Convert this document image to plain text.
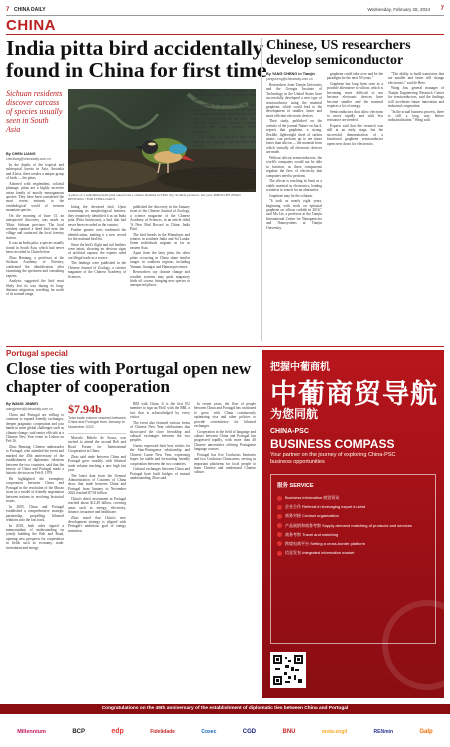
7 CHINA DAILY	Wednesday, February 28, 2024 7
CHINA
India pitta bird accidentally found in China for first time
Sichuan residents discover carcass of species usually seen in South Asia
By CHEN LIANG
chenliang@chinadaily.com.cn

In the depths of the tropical and subtropical forests in Asia, Australia and Africa, there resides a unique group of birds — the pittas.

Adorned with resplendent, colorful plumage, pittas are a highly secretive avian family of mostly monogamous species. They have been considered the most recent entrants to the ornithological world of western mountain species.

On the morning of June 13, an unexpected discovery was made in Yibin, Sichuan province. The local resident spotted a dead bird near the village and contacted the local forestry station.

It was an India pitta, a species usually found in South Asia, which had never been recorded in China before.

Zhao Rentang, a professor at the Sichuan Academy of Forestry, confirmed the identification after examining the specimen and consulting experts.

Analysis suggested the bird most likely lost its way during its long-distance migration, traveling far north of its normal range.

A photo of a sunbathing India pitta taken from a camera installed in Yibin city, Sichuan province, last year. PHOTO BY ZHAO RENTANG / FOR CHINA DAILY

biting the deceased bird. Upon examining its morphological features, they tentatively identified it as an India pitta (Pitta brachyura), a bird that had never been recorded in the country.

Further genetic tests confirmed the identification, making it a new record for the national bird list.

Since the bird's flight and tail feathers were intact, showing no obvious signs of artificial capture, the experts ruled out illegal trade as a source.

The findings were published in the Chinese Journal of Zoology, a science magazine of the Chinese Academy of Sciences.

published the discovery in the January issue of the Chinese Journal of Zoology, a science magazine of the Chinese Academy of Sciences, in an article titled 'A New Bird Record in China: India Pitta'.

The bird breeds in the Himalayas and winters in southern India and Sri Lanka. Some individuals migrate as far as eastern Asia.

Apart from the fairy pitta, the other pittas occurring in China share similar ranges in southern regions, including Yunnan, Guangxi and Hainan provinces.

Researchers say climate change and weather systems may push migratory birds off course, bringing new species to unexpected places.

island. "It further emphasizes the unexpected nature of the discovery," Liao said.

According to the researcher, the India pitta is mainly distributed on the Indian subcontinent, ranging from Pakistan in the west to Bangladesh in the east. The distance between its nearest recorded location and Yibin exceeds 1,800 kilometers.

"The origins of this bird have truly piqued our curiosity," said professor and expert.

Liao said that similar instances include the records of two lost birds, which arrived in Tibet in 2017.

While reasonable speculations may be made, the researchers said the true cause remains unknown, calling for further observation and monitoring.

Chinese, US researchers develop semiconductor
By YANG CHENG in Tianjin
yangcheng@chinadaily.com.cn

Researchers from Tianjin University and the Georgia Institute of Technology in the United States have successfully developed a new type of semiconductor using the material graphene, which could lead to the development of smaller, faster and more efficient electronic devices.

Their study, published on the website of the journal Nature on Jan 4, reports that graphene, a strong, flexible, lightweight sheet of carbon atoms, can perform up to ten times faster than silicon — the material from which virtually all electronic devices are made.

Without silicon semiconductors, the world's computers would not be able to function, as these components regulate the flow of electricity that computers need to perform.

The silicon is reaching its limit as a viable material in electronics, leading scientists to search for an alternative.

Graphene may be the solution.

"It took us nearly eight years, beginning with work on epitaxial graphene on silicon carbide in 2016," said Ma Lei, a professor at the Tianjin International Center for Nanoparticles and Nanosystems at Tianjin University.

graphene could take over and be the paradigm for the next 50 years."

Graphene has long been seen as a possible alternative to silicon, which is becoming more difficult to use because electronic devices have become smaller and the material requires a lot of energy.

Semiconductors that allow electrons to move rapidly and with less resistance are needed.

Experts said that the research was still at an early stage, but the successful demonstration of a functional graphene semiconductor opens new doors for electronics.

"The ability to build transistors that are smaller and faster will change electronics," said de Heer.

Wang Jun, general manager of Tianjin Engineering Research Center for semiconductors, said the findings will accelerate future innovation and industrial cooperation.

"In the actual business process, there is still a long way before industrialization," Wang said.

Portugal special
Close ties with Portugal open new chapter of cooperation
By WANG JINWEI
wangjinwei@chinadaily.com.cn

China and Portugal are willing to continue to expand friendly exchanges, deepen pragmatic cooperation and join hands to meet global challenges such as climate change, said senior officials at a Chinese New Year event in Lisbon on Feb 16.

Zhao Bentang, Chinese ambassador to Portugal, who attended the event and marked the 45th anniversary of the establishment of diplomatic relations between the two countries, said that the history of China and Portugal made a historic decision on Feb 8, 1979.

He highlighted the exemplary cooperation between China and Portugal in the resolution of the Macao issue as a model of friendly negotiation between nations in resolving historical issues.

In 2005, China and Portugal established a comprehensive strategic partnership, propelling bilateral relations into the fast track.

In 2018, both sides signed a memorandum of understanding on jointly building the Belt and Road, opening new prospects for cooperation in fields such as economy, trade, investment and energy.

$7.94b
Total trade volume reached between China and Portugal from January to November 2023

Marcelo Rebelo de Sousa, was invited to attend the second Belt and Road Forum for International Cooperation in China.

Zhao said trade between China and Portugal grew steadily, with bilateral trade volume reaching a new high last year.

The latest data from the General Administration of Customs of China show that trade between China and Portugal from January to November 2023 reached $7.94 billion.

China's direct investment in Portugal reached about $12.49 billion, covering areas such as energy, electricity, finance, insurance and healthcare.

Zhao noted that China's new development strategy is aligned with Portugal's ambitious goal of energy transition.

BRI with China. It is the first EU member to sign an MoU with the BRI, a fact that is acknowledged by every visitor.

The event also featured various forms of Chinese New Year celebrations that showcased the close friendship and cultural exchanges between the two peoples.

Guests expressed their best wishes for the Sino-Portuguese relationship and Chinese Lunar New Year, expressing hopes for stable and forwarding friendly cooperation between the two countries.

Cultural exchanges between China and Portugal have built bridges of mutual understanding, Zhao said.

In recent years, the flow of people between China and Portugal has continued to grow, with China continuously optimizing visa and other policies to provide convenience for bilateral exchanges.

Cooperation in the field of language and culture between China and Portugal has progressed rapidly, with more than 40 Chinese universities offering Portuguese language courses.

Portugal has five Confucius Institutes and two Confucius Classrooms, serving as important platforms for local people to learn Chinese and understand Chinese culture.

把握中葡商机
中葡商贸导航
为您同航
CHINA-PSC
BUSINESS COMPASS
Your partner on the journey of exploring China-PSC business opportunities
服务 SERVICE
Business information 商贸资讯
企业合作 Referral in leveraging export in-kind
商务对接 Contact organization
产品展销和商务考察 Supply-demand matching of products and services
商务考察 Travel and matching
跨境电商平台 Setting a cross-border platform
信息发布 Integrated information market
Congratulations on the 45th anniversary of the establishment of diplomatic ties between China and Portugal
Millennium	BCP	edp	Fidelidade	Cosec	CGD	BNU	mota-engil	RENmin	Galp
